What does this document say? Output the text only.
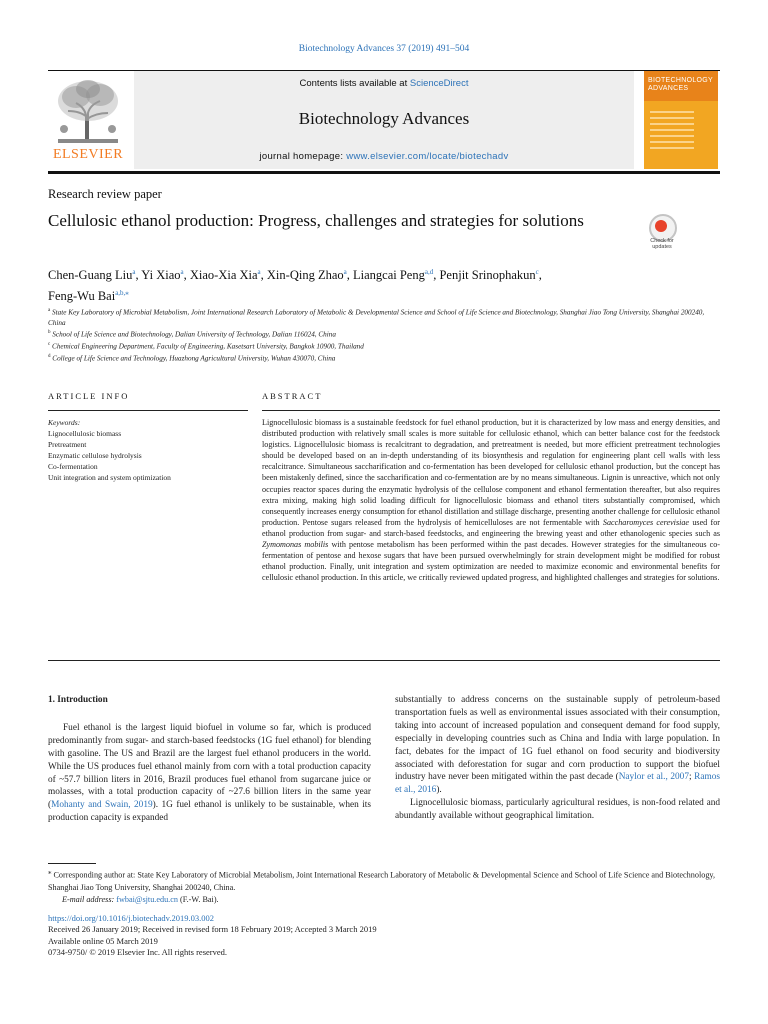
Biotechnology Advances 37 (2019) 491–504
ELSEVIER
Contents lists available at ScienceDirect
Biotechnology Advances
journal homepage: www.elsevier.com/locate/biotechadv
BIOTECHNOLOGY ADVANCES
Research review paper
Cellulosic ethanol production: Progress, challenges and strategies for solutions
Check for updates
Chen-Guang Liu$^a$, Yi Xiao$^a$, Xiao-Xia Xia$^a$, Xin-Qing Zhao$^a$, Liangcai Peng$^{a,d}$, Penjit Srinophakun$^c$,
Feng-Wu Bai$^{a,b,⁎}$
$^a$ State Key Laboratory of Microbial Metabolism, Joint International Research Laboratory of Metabolic & Developmental Science and School of Life Science and Biotechnology, Shanghai Jiao Tong University, Shanghai 200240, China
$^b$ School of Life Science and Biotechnology, Dalian University of Technology, Dalian 116024, China
$^c$ Chemical Engineering Department, Faculty of Engineering, Kasetsart University, Bangkok 10900, Thailand
$^d$ College of Life Science and Technology, Huazhong Agricultural University, Wuhan 430070, China
ARTICLE INFO
Keywords:
Lignocellulosic biomass
Pretreatment
Enzymatic cellulose hydrolysis
Co-fermentation
Unit integration and system optimization
ABSTRACT
Lignocellulosic biomass is a sustainable feedstock for fuel ethanol production, but it is characterized by low mass and energy densities, and distributed production with relatively small scales is more suitable for cellulosic ethanol, which can better balance cost for the feedstock logistics. Lignocellulosic biomass is recalcitrant to degradation, and pretreatment is needed, but more efficient pretreatment technologies should be developed based on an in-depth understanding of its biosynthesis and regulation for engineering plant cell walls with less recalcitrance. Simultaneous saccharification and co-fermentation has been developed for cellulosic ethanol production, but the concept has been mistakenly defined, since the saccharification and co-fermentation are by no means simultaneous. Lignin is unreactive, which not only occupies reactor spaces during the enzymatic hydrolysis of the cellulose component and ethanol fermentation thereafter, but also requires extra mixing, making high solid loading difficult for lignocellulosic biomass and ethanol titers substantially compromised, which consequently increases energy consumption for ethanol distillation and stillage discharge, presenting another challenge for cellulosic ethanol production. Pentose sugars released from the hydrolysis of hemicelluloses are not fermentable with Saccharomyces cerevisiae used for ethanol production from sugar- and starch-based feedstocks, and engineering the brewing yeast and other ethanologenic species such as Zymomonas mobilis with pentose metabolism has been performed within the past decades. However strategies for the simultaneous co-fermentation of pentose and hexose sugars that have been pursued overwhelmingly for strain development might be modified for robust ethanol production. Finally, unit integration and system optimization are needed to maximize economic and environmental benefits for cellulosic ethanol production. In this article, we critically reviewed updated progress, and highlighted challenges and strategies for solutions.
1. Introduction

Fuel ethanol is the largest liquid biofuel in volume so far, which is produced predominantly from sugar- and starch-based feedstocks (1G fuel ethanol) for blending with gasoline. The US and Brazil are the largest fuel ethanol producers in the world. While the US produces fuel ethanol mainly from corn with a total production capacity of ~57.7 billion liters in 2016, Brazil produces fuel ethanol from sugarcane juice or molasses, with a total production capacity of ~27.6 billion liters in the same year (Mohanty and Swain, 2019). 1G fuel ethanol is unlikely to be sustainable, when its production capacity is expanded

substantially to address concerns on the sustainable supply of petroleum-based transportation fuels as well as environmental issues associated with their consumption, taking into account of increased population and consequent demand for food supply, especially in developing countries such as China and India with large population. In fact, debates for the impact of 1G fuel ethanol on food security and biodiversity associated with deforestation for sugar and corn production to support the biofuel industry have never been mitigated within the past decade (Naylor et al., 2007; Ramos et al., 2016).

Lignocellulosic biomass, particularly agricultural residues, is non-food related and abundantly available without geographical limitation.

⁎ Corresponding author at: State Key Laboratory of Microbial Metabolism, Joint International Research Laboratory of Metabolic & Developmental Science and School of Life Science and Biotechnology, Shanghai Jiao Tong University, Shanghai 200240, China.
E-mail address: fwbai@sjtu.edu.cn (F.-W. Bai).
https://doi.org/10.1016/j.biotechadv.2019.03.002
Received 26 January 2019; Received in revised form 18 February 2019; Accepted 3 March 2019
Available online 05 March 2019
0734-9750/ © 2019 Elsevier Inc. All rights reserved.
